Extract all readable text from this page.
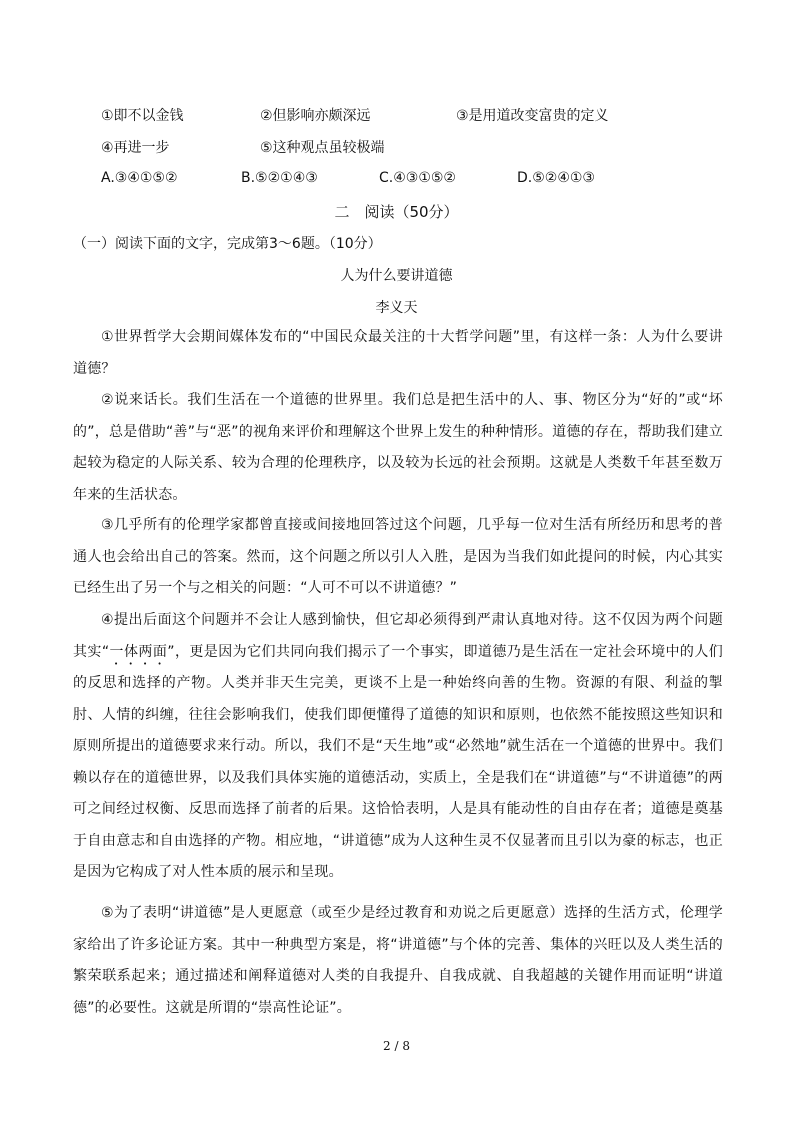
①即不以金钱	②但影响亦颇深远	③是用道改变富贵的定义
④再进一步	⑤这种观点虽较极端
A.③④①⑤②	B.⑤②①④③	C.④③①⑤②	D.⑤②④①③
二　阅读（50分）
（一）阅读下面的文字，完成第3～6题。（10分）
人为什么要讲道德
李义天
①世界哲学大会期间媒体发布的“中国民众最关注的十大哲学问题”里，有这样一条：人为什么要讲道德？
②说来话长。我们生活在一个道德的世界里。我们总是把生活中的人、事、物区分为“好的”或“坏的”，总是借助“善”与“恶”的视角来评价和理解这个世界上发生的种种情形。道德的存在，帮助我们建立起较为稳定的人际关系、较为合理的伦理秩序，以及较为长远的社会预期。这就是人类数千年甚至数万年来的生活状态。
③几乎所有的伦理学家都曾直接或间接地回答过这个问题，几乎每一位对生活有所经历和思考的普通人也会给出自己的答案。然而，这个问题之所以引人入胜，是因为当我们如此提问的时候，内心其实已经生出了另一个与之相关的问题：“人可不可以不讲道德？”
④提出后面这个问题并不会让人感到愉快，但它却必须得到严肃认真地对待。这不仅因为两个问题其实“一体两面”，更是因为它们共同向我们揭示了一个事实，即道德乃是生活在一定社会环境中的人们的反思和选择的产物。人类并非天生完美，更谈不上是一种始终向善的生物。资源的有限、利益的掣肘、人情的纠缠，往往会影响我们，使我们即便懂得了道德的知识和原则，也依然不能按照这些知识和原则所提出的道德要求来行动。所以，我们不是“天生地”或“必然地”就生活在一个道德的世界中。我们赖以存在的道德世界，以及我们具体实施的道德活动，实质上，全是我们在“讲道德”与“不讲道德”的两可之间经过权衡、反思而选择了前者的后果。这恰恰表明，人是具有能动性的自由存在者；道德是奠基于自由意志和自由选择的产物。相应地，“讲道德”成为人这种生灵不仅显著而且引以为豪的标志，也正是因为它构成了对人性本质的展示和呈现。
⑤为了表明“讲道德”是人更愿意（或至少是经过教育和劝说之后更愿意）选择的生活方式，伦理学家给出了许多论证方案。其中一种典型方案是，将“讲道德”与个体的完善、集体的兴旺以及人类生活的繁荣联系起来；通过描述和阐释道德对人类的自我提升、自我成就、自我超越的关键作用而证明“讲道德”的必要性。这就是所谓的“崇高性论证”。
2 / 8
